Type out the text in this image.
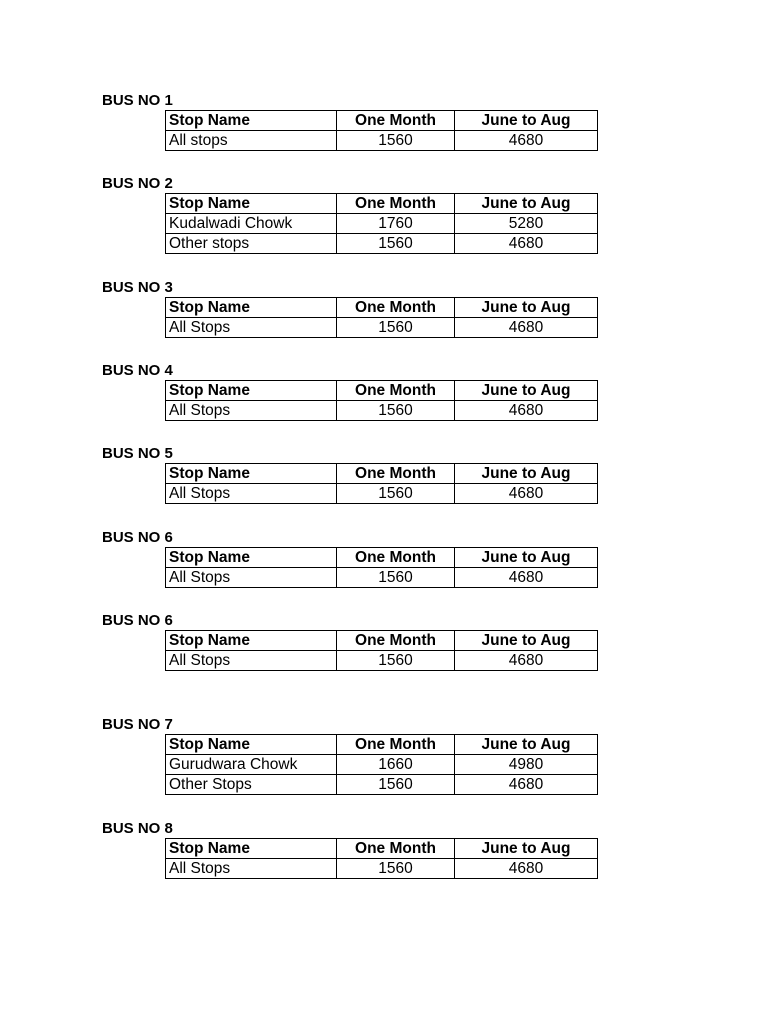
BUS NO 1
Stop Name	One Month	June to Aug
All stops	1560	4680
BUS NO 2
Stop Name	One Month	June to Aug
Kudalwadi Chowk	1760	5280
Other stops	1560	4680
BUS NO 3
Stop Name	One Month	June to Aug
All Stops	1560	4680
BUS NO 4
Stop Name	One Month	June to Aug
All Stops	1560	4680
BUS NO 5
Stop Name	One Month	June to Aug
All Stops	1560	4680
BUS NO 6
Stop Name	One Month	June to Aug
All Stops	1560	4680
BUS NO 6
Stop Name	One Month	June to Aug
All Stops	1560	4680
BUS NO 7
Stop Name	One Month	June to Aug
Gurudwara Chowk	1660	4980
Other Stops	1560	4680
BUS NO 8
Stop Name	One Month	June to Aug
All Stops	1560	4680
